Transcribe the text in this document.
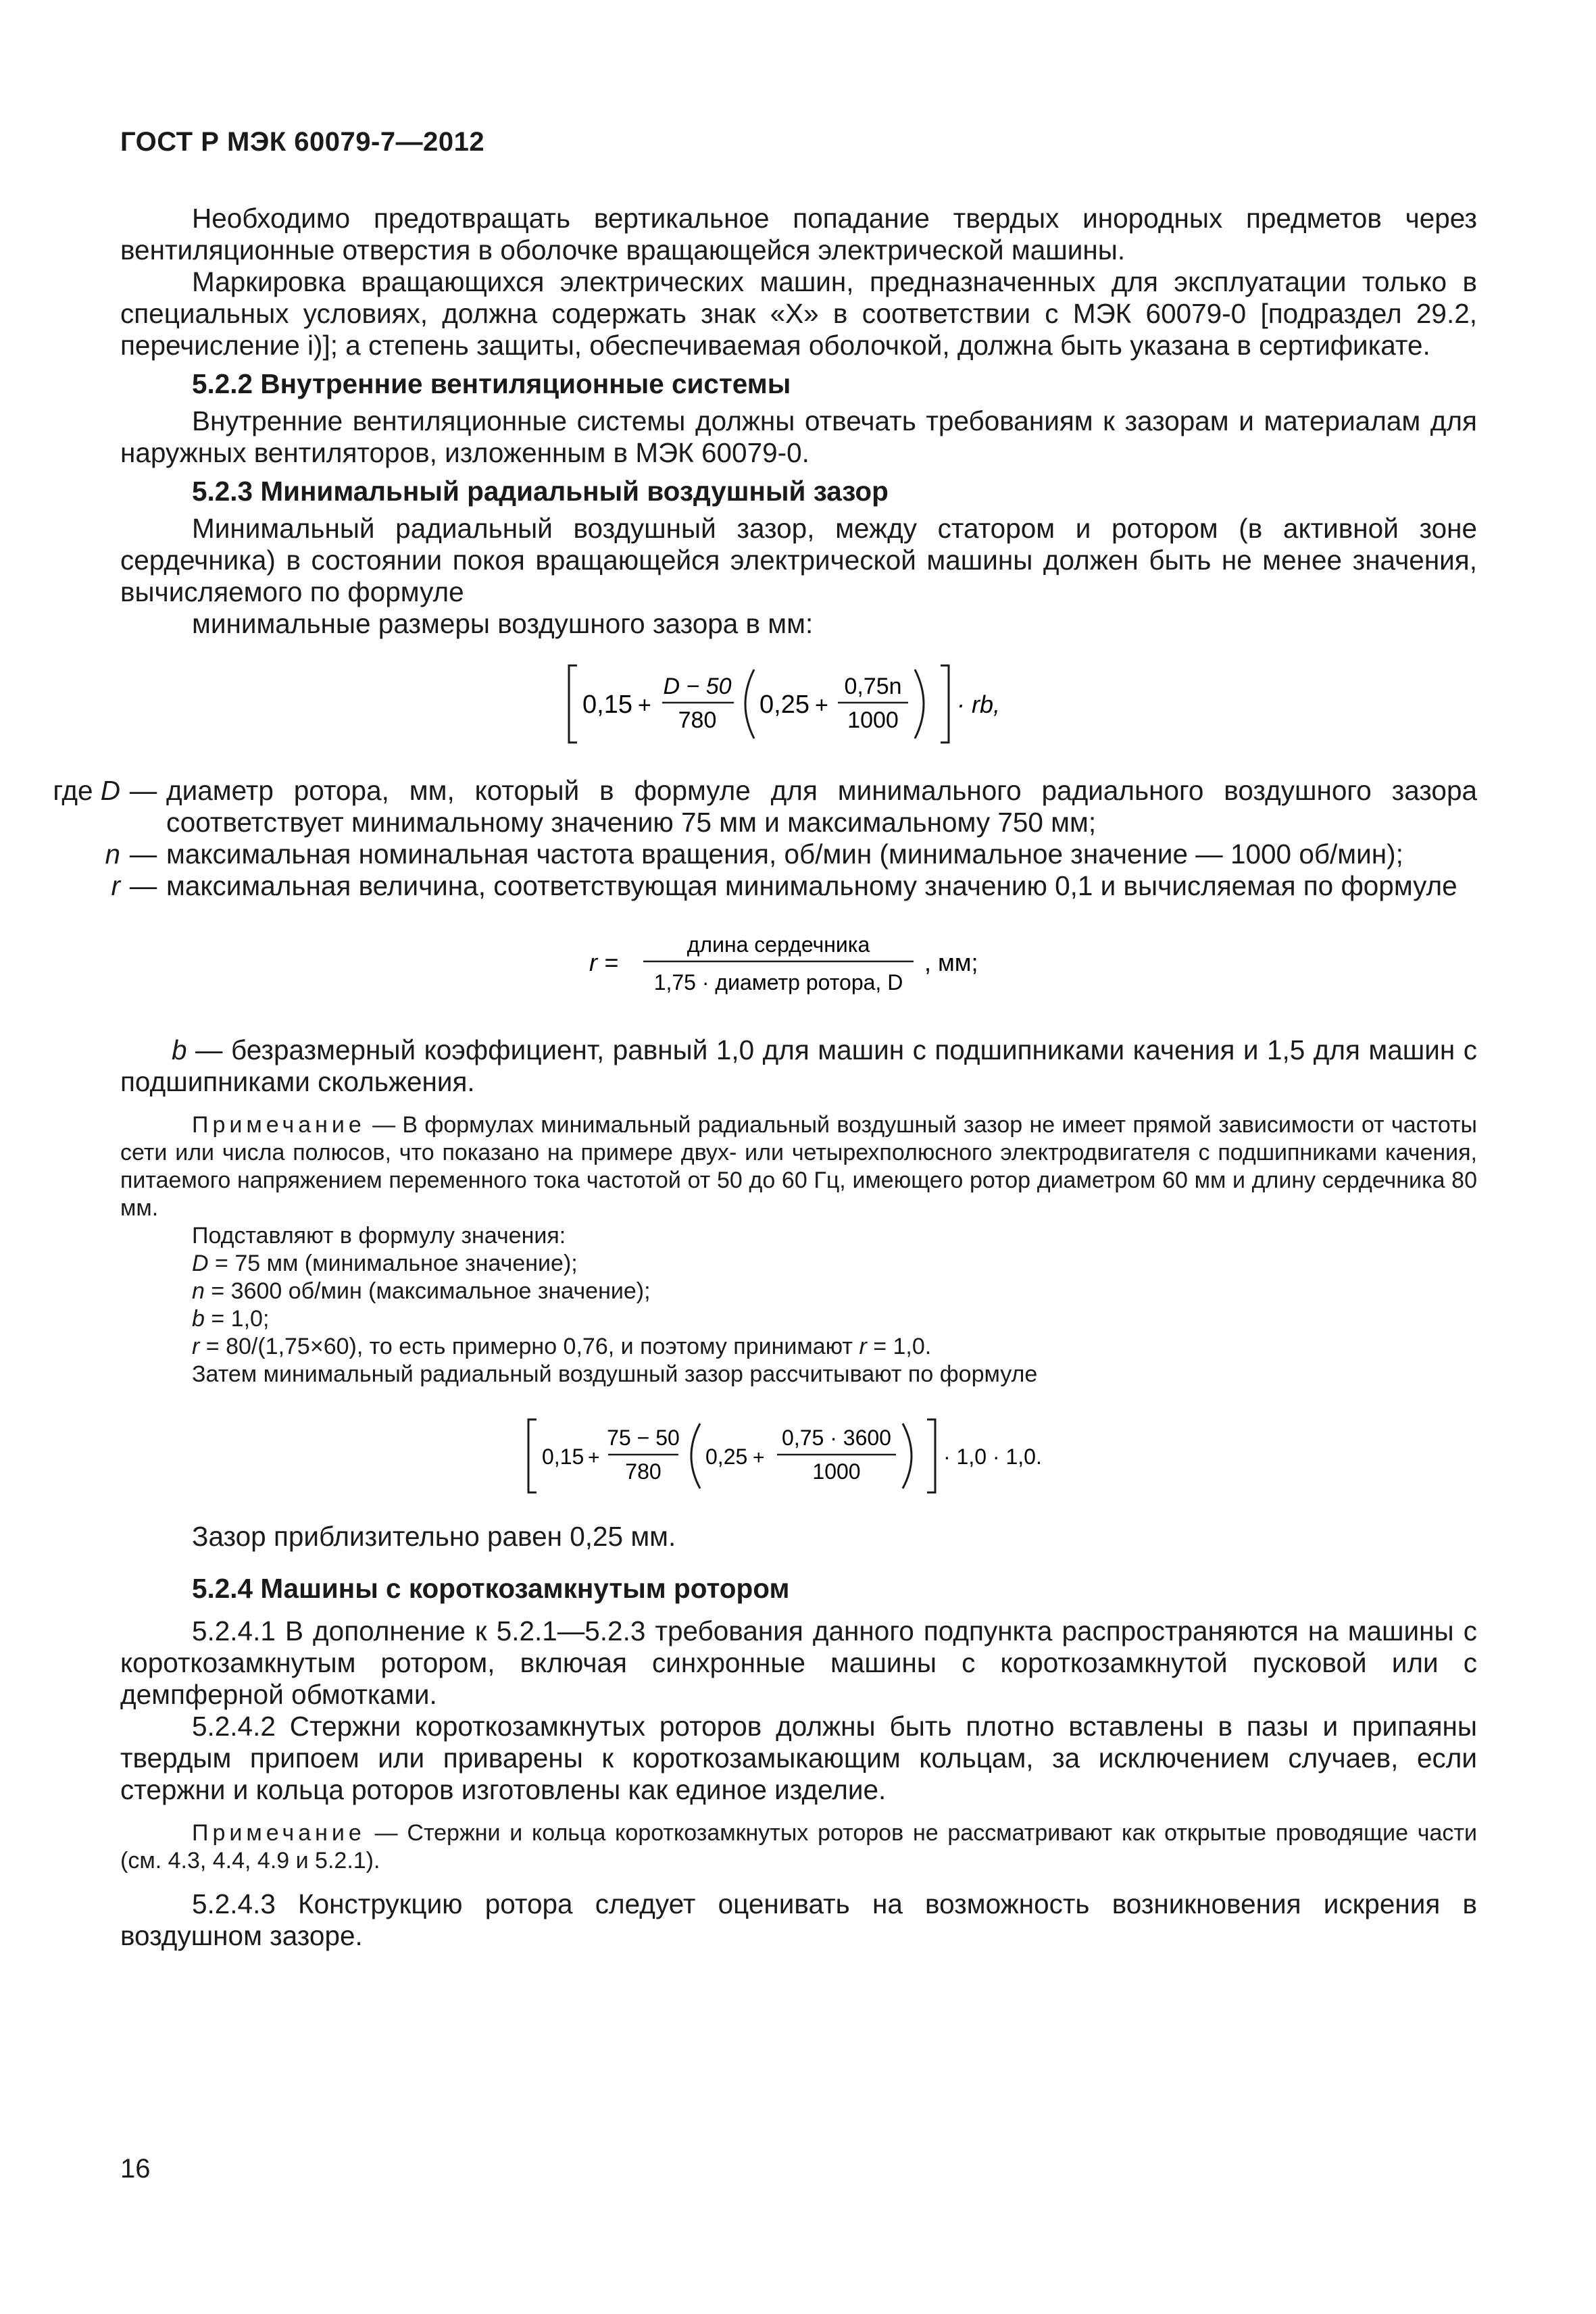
ГОСТ Р МЭК 60079-7—2012

Необходимо предотвращать вертикальное попадание твердых инородных предметов через вентиляционные отверстия в оболочке вращающейся электрической машины.

Маркировка вращающихся электрических машин, предназначенных для эксплуатации только в специальных условиях, должна содержать знак «Х» в соответствии с МЭК 60079-0 [подраздел 29.2, перечисление i)]; а степень защиты, обеспечиваемая оболочкой, должна быть указана в сертификате.

5.2.2 Внутренние вентиляционные системы

Внутренние вентиляционные системы должны отвечать требованиям к зазорам и материалам для наружных вентиляторов, изложенным в МЭК 60079-0.

5.2.3 Минимальный радиальный воздушный зазор

Минимальный радиальный воздушный зазор, между статором и ротором (в активной зоне сердечника) в состоянии покоя вращающейся электрической машины должен быть не менее значения, вычисляемого по формуле

минимальные размеры воздушного зазора в мм:

0,15 +
D − 50
780
0,25 +
0,75n
1000
· rb,
где D — диаметр ротора, мм, который в формуле для минимального радиального воздушного зазора соответствует минимальному значению 75 мм и максимальному 750 мм;
n — максимальная номинальная частота вращения, об/мин (минимальное значение — 1000 об/мин);
r — максимальная величина, соответствующая минимальному значению 0,1 и вычисляемая по формуле
r =
длина сердечника
1,75 · диаметр ротора, D
, мм;

b — безразмерный коэффициент, равный 1,0 для машин с подшипниками качения и 1,5 для машин с подшипниками скольжения.

Примечание — В формулах минимальный радиальный воздушный зазор не имеет прямой зависимости от частоты сети или числа полюсов, что показано на примере двух- или четырехполюсного электродвигателя с подшипниками качения, питаемого напряжением переменного тока частотой от 50 до 60 Гц, имеющего ротор диаметром 60 мм и длину сердечника 80 мм.

Подставляют в формулу значения:

D = 75 мм (минимальное значение);

n = 3600 об/мин (максимальное значение);

b = 1,0;

r = 80/(1,75×60), то есть примерно 0,76, и поэтому принимают r = 1,0.

Затем минимальный радиальный воздушный зазор рассчитывают по формуле

0,15 +
75 − 50
780
0,25 +
0,75 · 3600
1000
· 1,0 · 1,0.

Зазор приблизительно равен 0,25 мм.

5.2.4 Машины с короткозамкнутым ротором

5.2.4.1 В дополнение к 5.2.1—5.2.3 требования данного подпункта распространяются на машины с короткозамкнутым ротором, включая синхронные машины с короткозамкнутой пусковой или с демпферной обмотками.

5.2.4.2 Стержни короткозамкнутых роторов должны быть плотно вставлены в пазы и припаяны твердым припоем или приварены к короткозамыкающим кольцам, за исключением случаев, если стержни и кольца роторов изготовлены как единое изделие.

Примечание — Стержни и кольца короткозамкнутых роторов не рассматривают как открытые проводящие части (см. 4.3, 4.4, 4.9 и 5.2.1).

5.2.4.3 Конструкцию ротора следует оценивать на возможность возникновения искрения в воздушном зазоре.

16
